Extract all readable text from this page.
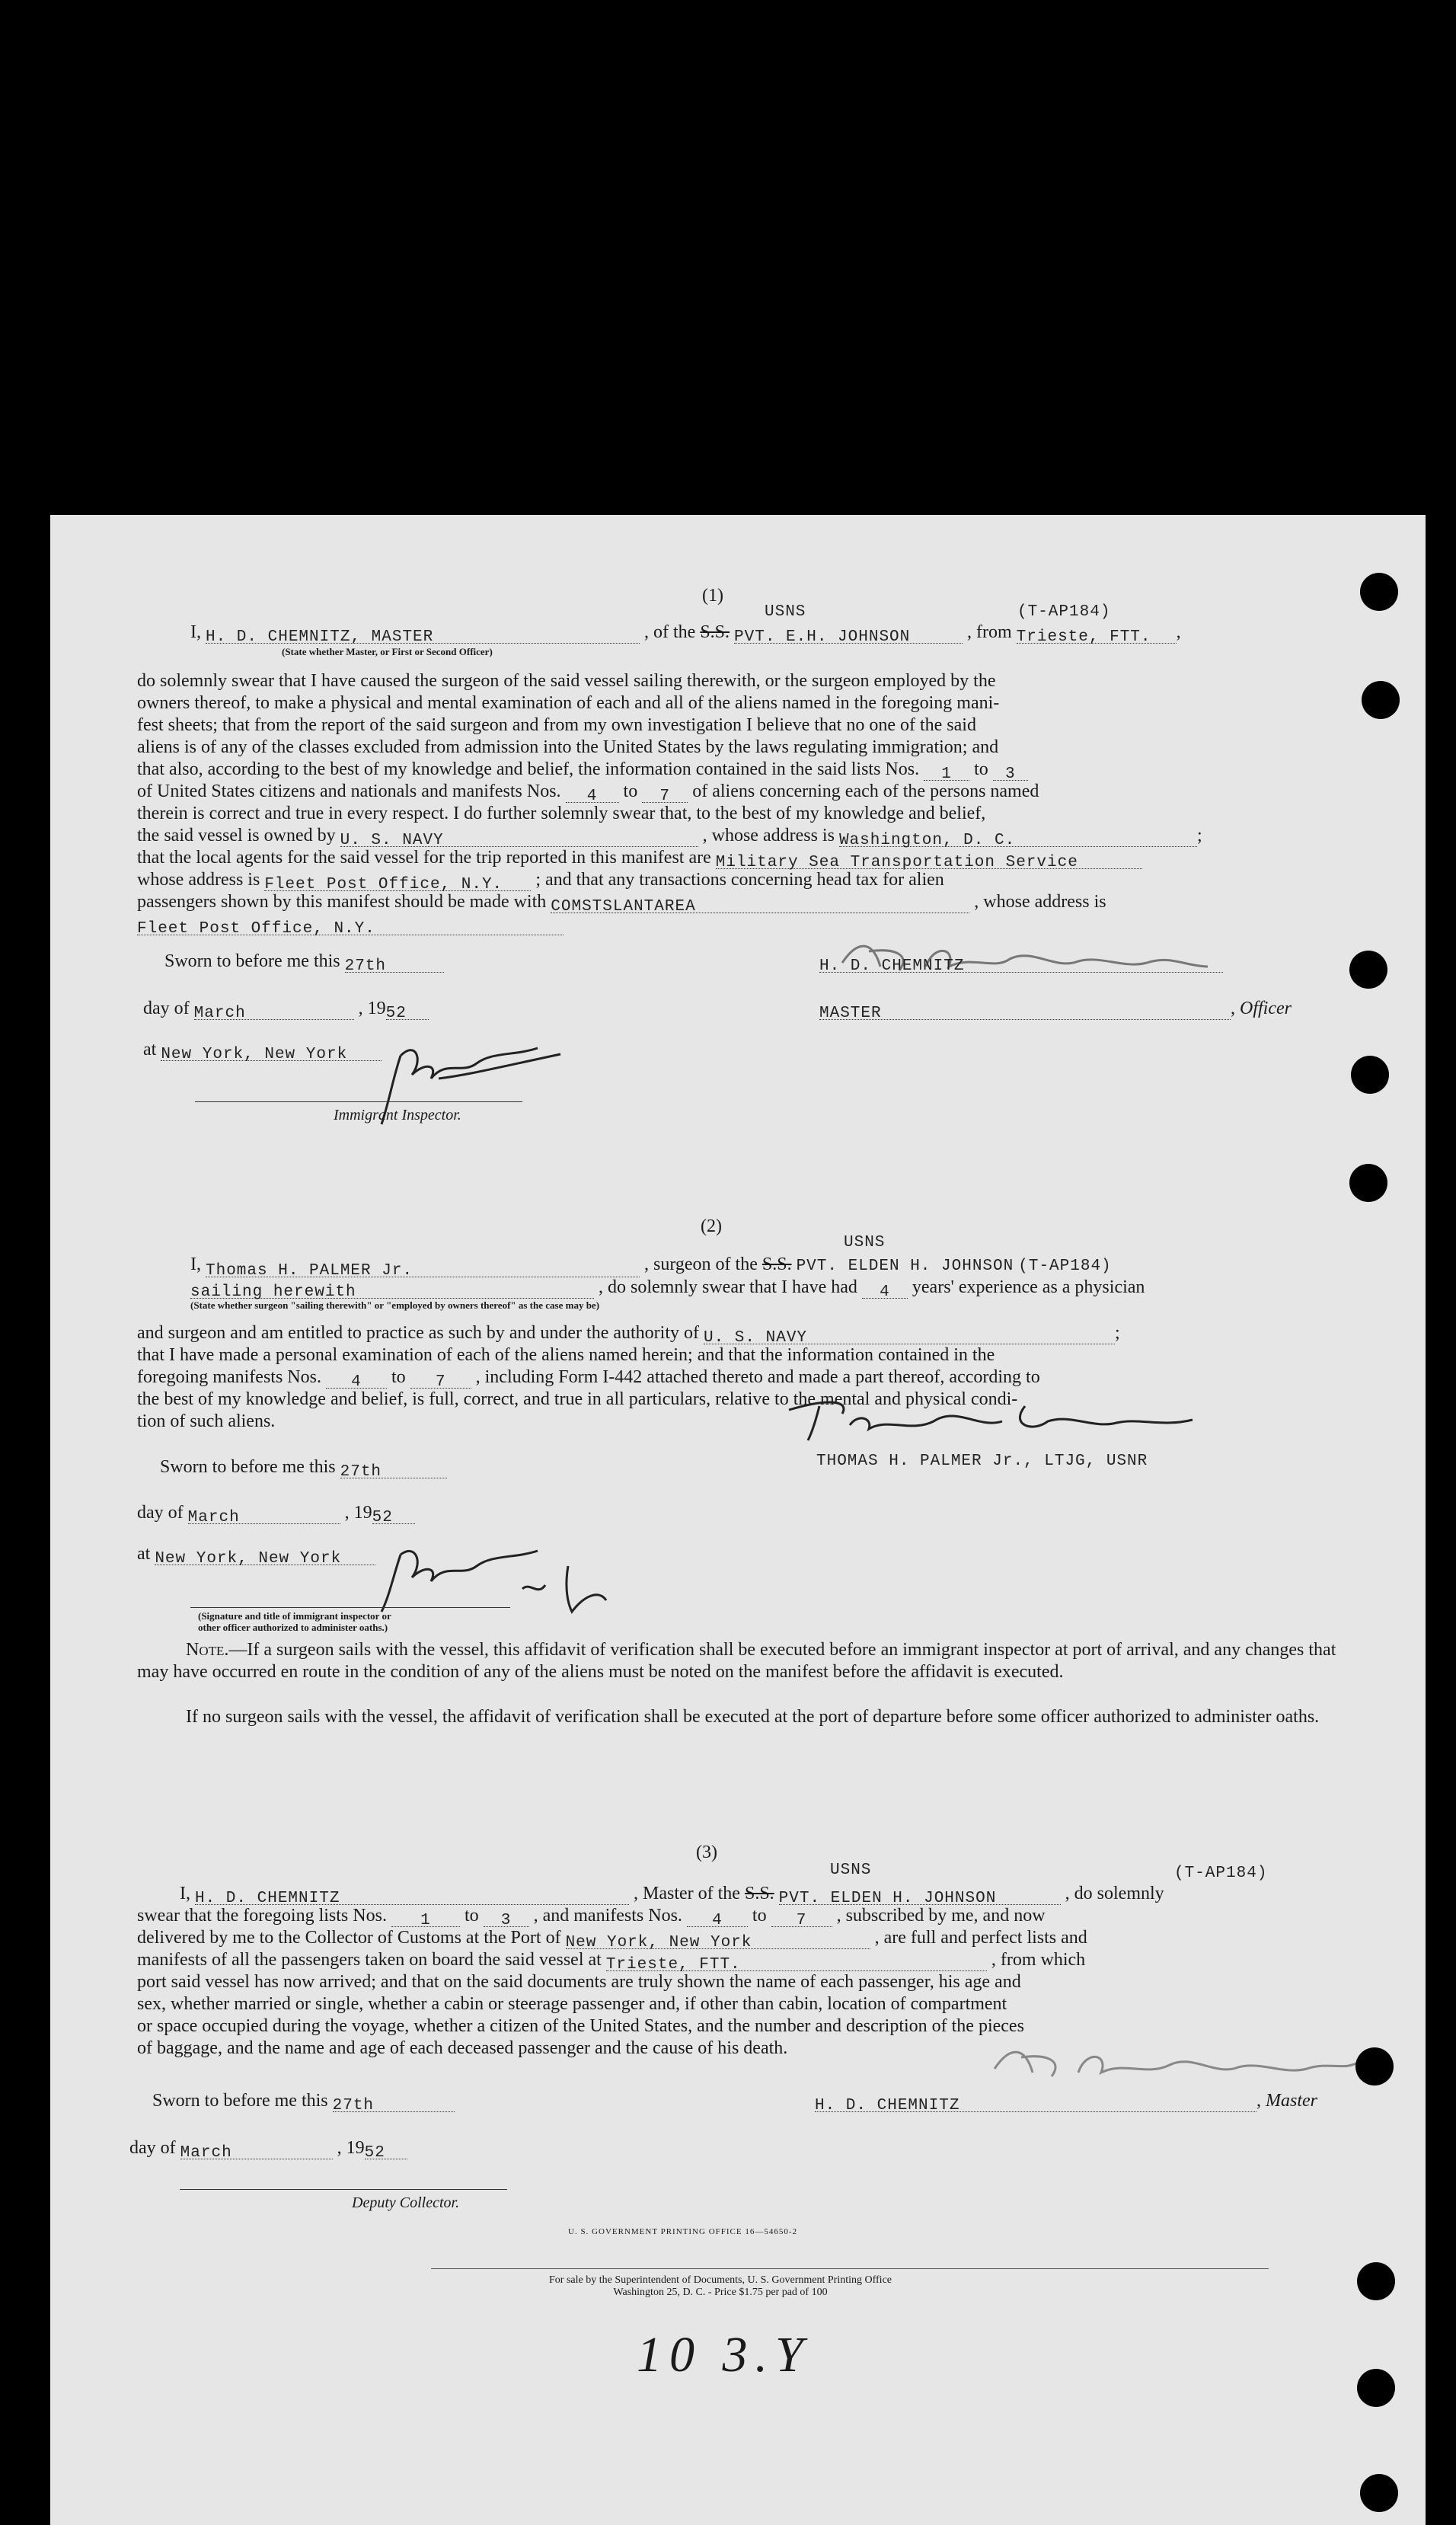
(1)
USNS	(T-AP184)
I, H. D. CHEMNITZ, MASTER	, of the S.S. PVT. E.H. JOHNSON	, from Trieste, FTT. ,
(State whether Master, or First or Second Officer)
do solemnly swear that I have caused the surgeon of the said vessel sailing therewith, or the surgeon employed by the
owners thereof, to make a physical and mental examination of each and all of the aliens named in the foregoing mani-
fest sheets; that from the report of the said surgeon and from my own investigation I believe that no one of the said
aliens is of any of the classes excluded from admission into the United States by the laws regulating immigration; and
that also, according to the best of my knowledge and belief, the information contained in the said lists Nos. 1 to 3
of United States citizens and nationals and manifests Nos. 4 to 7 of aliens concerning each of the persons named
therein is correct and true in every respect. I do further solemnly swear that, to the best of my knowledge and belief,
the said vessel is owned by U. S. NAVY	, whose address is Washington, D. C.	;
that the local agents for the said vessel for the trip reported in this manifest are Military Sea Transportation Service
whose address is Fleet Post Office, N.Y. ; and that any transactions concerning head tax for alien
passengers shown by this manifest should be made with COMSTSLANTAREA	, whose address is
Fleet Post Office, N.Y.
Sworn to before me this 27th	H. D. CHEMNITZ
day of March	, 1952	MASTER	, Officer
at New York, New York
Immigrant Inspector.
(2)
USNS
I, Thomas H. PALMER Jr.	, surgeon of the S.S. PVT. ELDEN H. JOHNSON (T-AP184)
sailing herewith	, do solemnly swear that I have had 4 years' experience as a physician
(State whether surgeon "sailing therewith" or "employed by owners thereof" as the case may be)
and surgeon and am entitled to practice as such by and under the authority of U. S. NAVY	;
that I have made a personal examination of each of the aliens named herein; and that the information contained in the
foregoing manifests Nos. 4 to 7 , including Form I-442 attached thereto and made a part thereof, according to
the best of my knowledge and belief, is full, correct, and true in all particulars, relative to the mental and physical condi-
tion of such aliens.
Sworn to before me this 27th
THOMAS H. PALMER Jr., LTJG, USNR
day of March	, 1952
at New York, New York
(Signature and title of immigrant inspector or
other officer authorized to administer oaths.)
Note.—If a surgeon sails with the vessel, this affidavit of verification shall be executed before an immigrant inspector at port of arrival, and any changes that may have occurred en route in the condition of any of the aliens must be noted on the manifest before the affidavit is executed.
If no surgeon sails with the vessel, the affidavit of verification shall be executed at the port of departure before some officer authorized to administer oaths.
(3)
USNS	(T-AP184)
I, H. D. CHEMNITZ	, Master of the S.S. PVT. ELDEN H. JOHNSON	, do solemnly
swear that the foregoing lists Nos. 1 to 3 , and manifests Nos. 4 to 7 , subscribed by me, and now
delivered by me to the Collector of Customs at the Port of New York, New York	, are full and perfect lists and
manifests of all the passengers taken on board the said vessel at Trieste, FTT.	, from which
port said vessel has now arrived; and that on the said documents are truly shown the name of each passenger, his age and
sex, whether married or single, whether a cabin or steerage passenger and, if other than cabin, location of compartment
or space occupied during the voyage, whether a citizen of the United States, and the number and description of the pieces
of baggage, and the name and age of each deceased passenger and the cause of his death.
Sworn to before me this 27th	H. D. CHEMNITZ	, Master
day of March	, 1952
Deputy Collector.
U. S. GOVERNMENT PRINTING OFFICE 16—54650-2
For sale by the Superintendent of Documents, U. S. Government Printing Office
Washington 25, D. C. - Price $1.75 per pad of 100
10 3.Y
